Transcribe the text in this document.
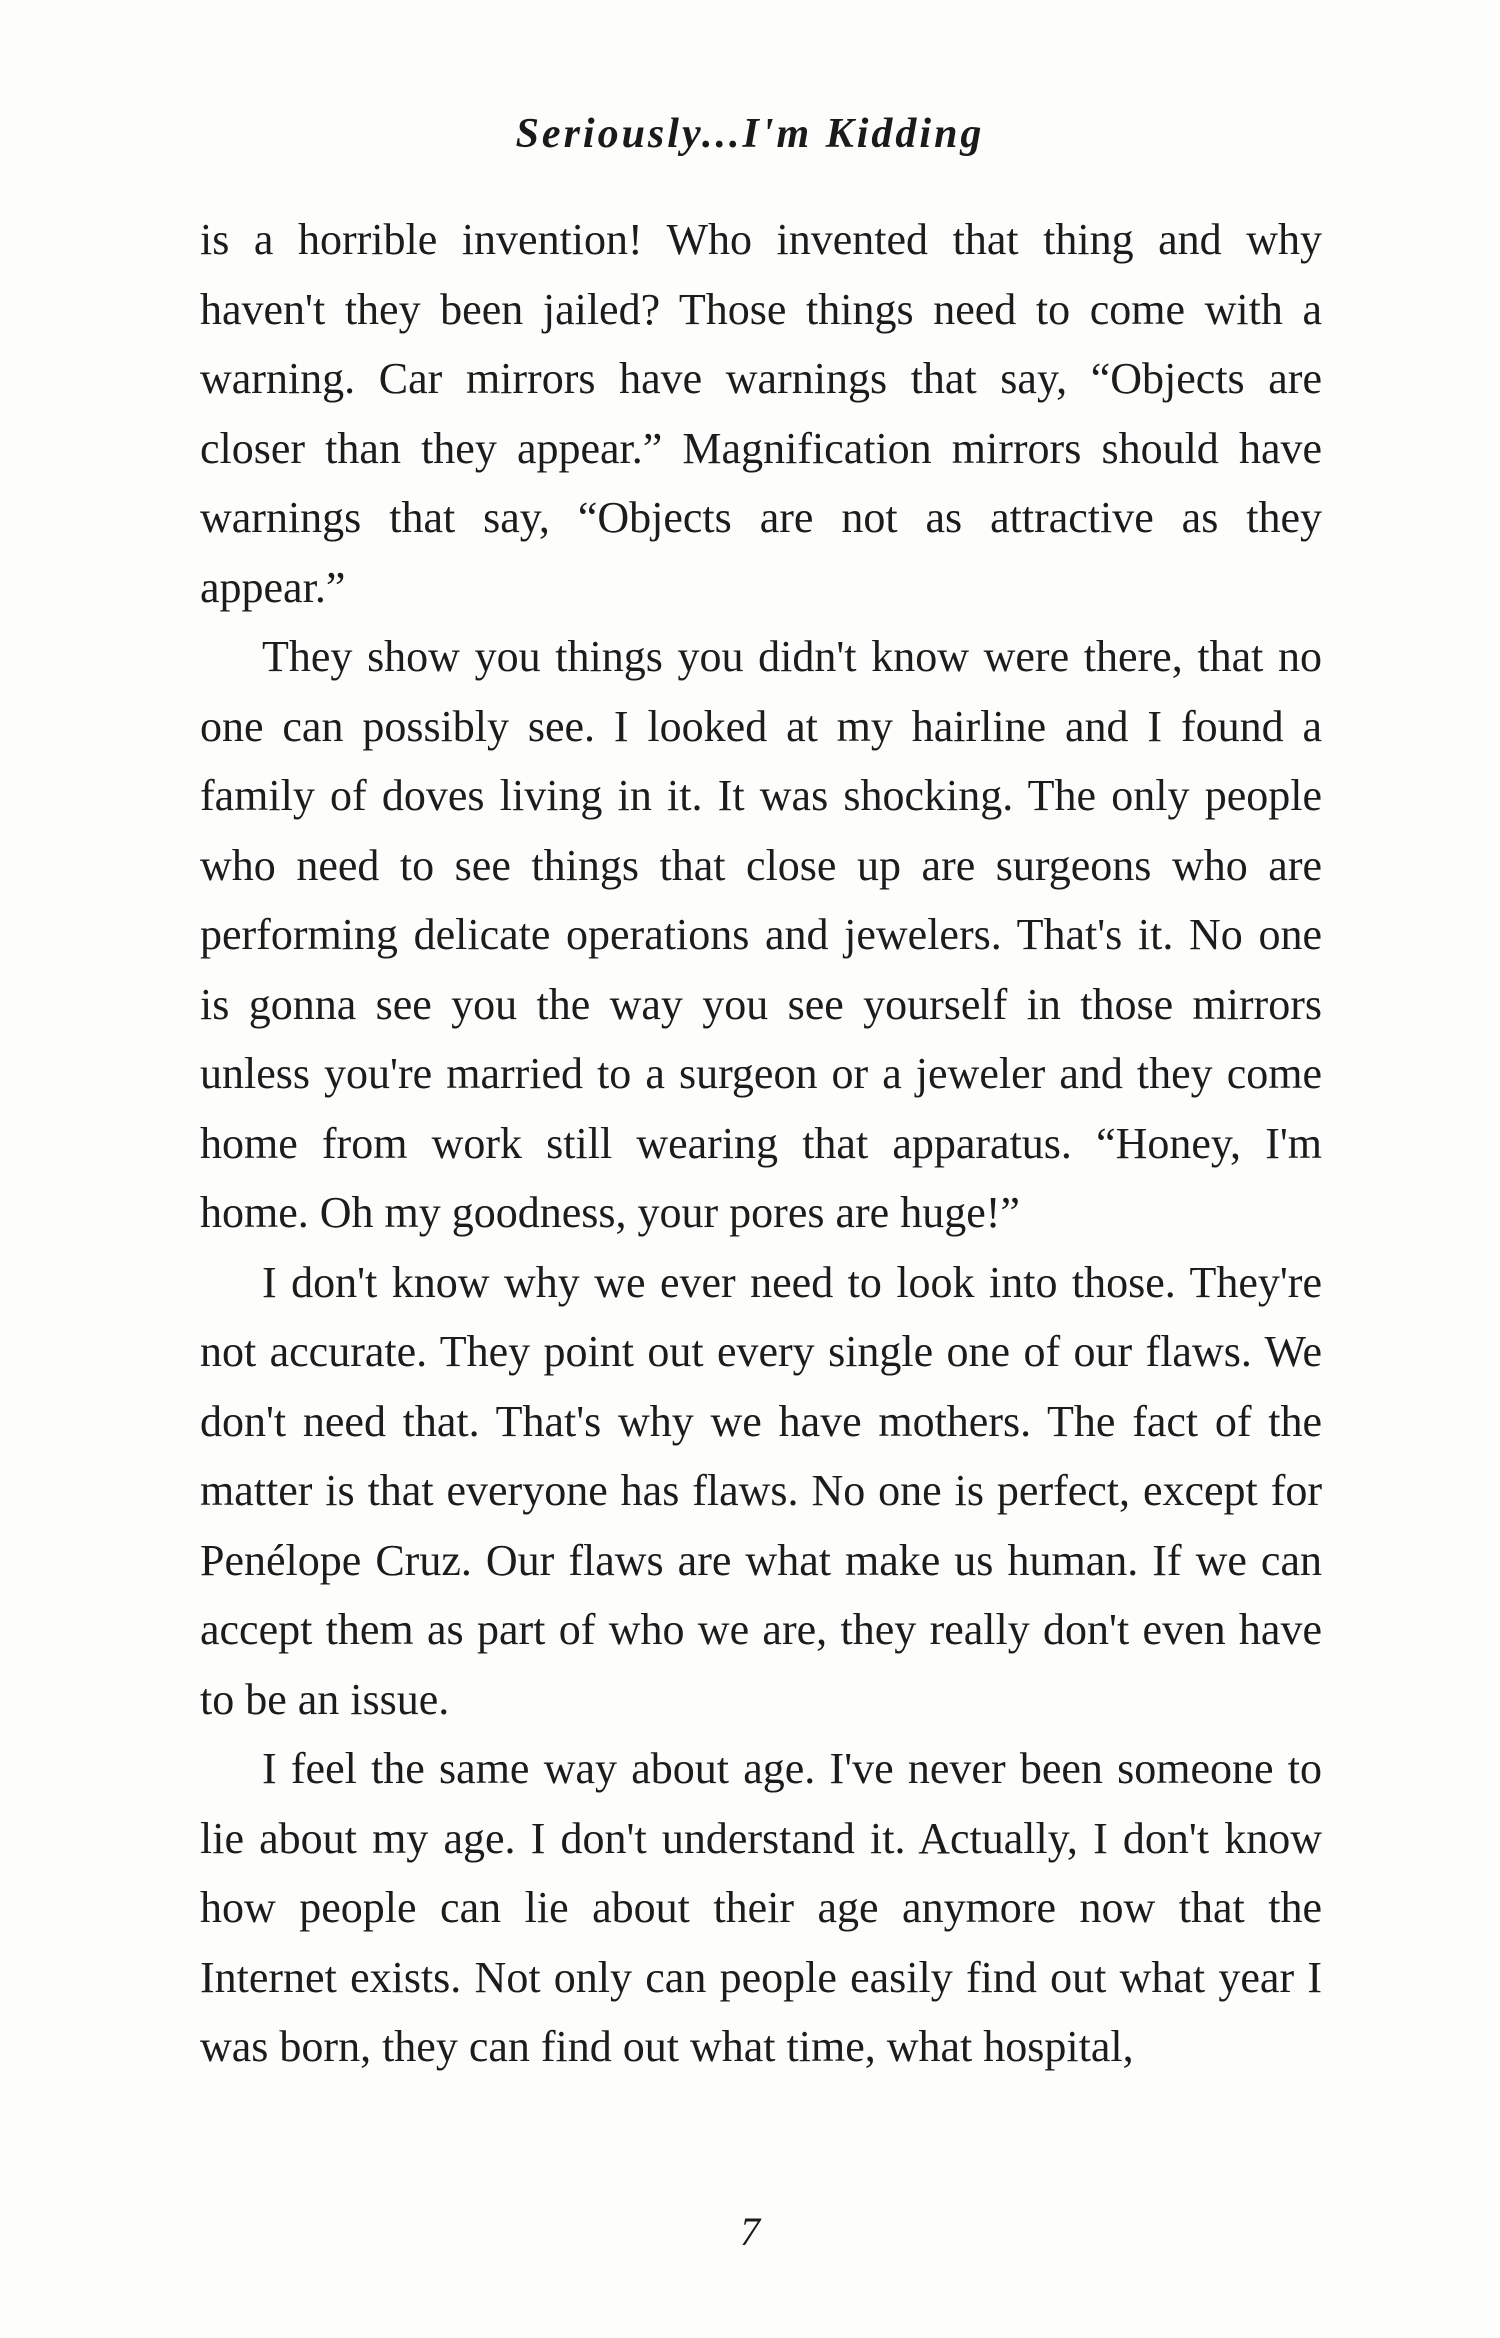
Seriously...I'm Kidding

is a horrible invention! Who invented that thing and why haven't they been jailed? Those things need to come with a warning. Car mirrors have warnings that say, “Objects are closer than they appear.” Magnification mirrors should have warnings that say, “Objects are not as attractive as they appear.”

They show you things you didn't know were there, that no one can possibly see. I looked at my hairline and I found a family of doves living in it. It was shocking. The only people who need to see things that close up are surgeons who are performing delicate operations and jewelers. That's it. No one is gonna see you the way you see yourself in those mirrors unless you're married to a surgeon or a jeweler and they come home from work still wearing that apparatus. “Honey, I'm home. Oh my goodness, your pores are huge!”

I don't know why we ever need to look into those. They're not accurate. They point out every single one of our flaws. We don't need that. That's why we have mothers. The fact of the matter is that everyone has flaws. No one is perfect, except for Penélope Cruz. Our flaws are what make us human. If we can accept them as part of who we are, they really don't even have to be an issue.

I feel the same way about age. I've never been someone to lie about my age. I don't understand it. Actually, I don't know how people can lie about their age anymore now that the Internet exists. Not only can people easily find out what year I was born, they can find out what time, what hospital,

7
